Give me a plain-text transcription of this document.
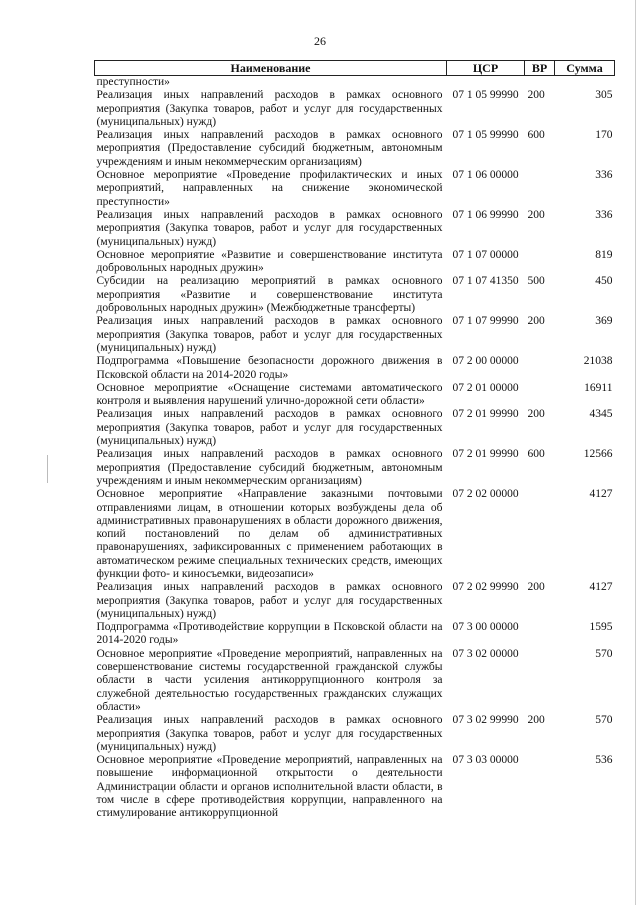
26
Наименование	ЦСР	ВР	Сумма
преступности»			
Реализация иных направлений расходов в рамках основного мероприятия (Закупка товаров, работ и услуг для государственных (муниципальных) нужд)	07 1 05 99990	200	305
Реализация иных направлений расходов в рамках основного мероприятия (Предоставление субсидий бюджетным, автономным учреждениям и иным некоммерческим организациям)	07 1 05 99990	600	170
Основное мероприятие «Проведение профилактических и иных мероприятий, направленных на снижение экономической преступности»	07 1 06 00000		336
Реализация иных направлений расходов в рамках основного мероприятия (Закупка товаров, работ и услуг для государственных (муниципальных) нужд)	07 1 06 99990	200	336
Основное мероприятие «Развитие и совершенствование института добровольных народных дружин»	07 1 07 00000		819
Субсидии на реализацию мероприятий в рамках основного мероприятия «Развитие и совершенствование института добровольных народных дружин» (Межбюджетные трансферты)	07 1 07 41350	500	450
Реализация иных направлений расходов в рамках основного мероприятия (Закупка товаров, работ и услуг для государственных (муниципальных) нужд)	07 1 07 99990	200	369
Подпрограмма «Повышение безопасности дорожного движения в Псковской области на 2014-2020 годы»	07 2 00 00000		21038
Основное мероприятие «Оснащение системами автоматического контроля и выявления нарушений улично-дорожной сети области»	07 2 01 00000		16911
Реализация иных направлений расходов в рамках основного мероприятия (Закупка товаров, работ и услуг для государственных (муниципальных) нужд)	07 2 01 99990	200	4345
Реализация иных направлений расходов в рамках основного мероприятия (Предоставление субсидий бюджетным, автономным учреждениям и иным некоммерческим организациям)	07 2 01 99990	600	12566
Основное мероприятие «Направление заказными почтовыми отправлениями лицам, в отношении которых возбуждены дела об административных правонарушениях в области дорожного движения, копий постановлений по делам об административных правонарушениях, зафиксированных с применением работающих в автоматическом режиме специальных технических средств, имеющих функции фото- и киносъемки, видеозаписи»	07 2 02 00000		4127
Реализация иных направлений расходов в рамках основного мероприятия (Закупка товаров, работ и услуг для государственных (муниципальных) нужд)	07 2 02 99990	200	4127
Подпрограмма «Противодействие коррупции в Псковской области на 2014-2020 годы»	07 3 00 00000		1595
Основное мероприятие «Проведение мероприятий, направленных на совершенствование системы государственной гражданской службы области в части усиления антикоррупционного контроля за служебной деятельностью государственных гражданских служащих области»	07 3 02 00000		570
Реализация иных направлений расходов в рамках основного мероприятия (Закупка товаров, работ и услуг для государственных (муниципальных) нужд)	07 3 02 99990	200	570
Основное мероприятие «Проведение мероприятий, направленных на повышение информационной открытости о деятельности Администрации области и органов исполнительной власти области, в том числе в сфере противодействия коррупции, направленного на стимулирование антикоррупционной	07 3 03 00000		536
